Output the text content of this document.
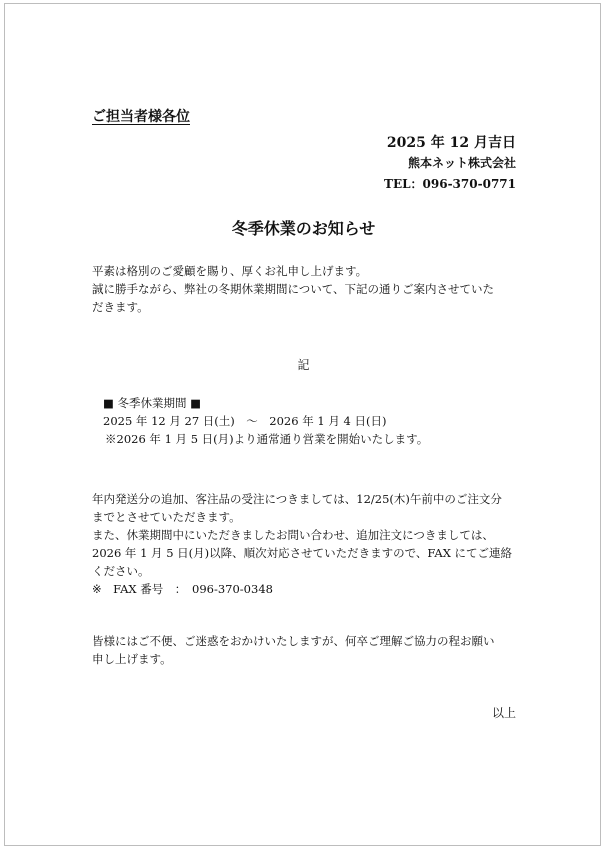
ご担当者様各位
2025 年 12 月吉日
熊本ネット株式会社
TEL：096-370-0771
冬季休業のお知らせ
平素は格別のご愛顧を賜り、厚くお礼申し上げます。
誠に勝手ながら、弊社の冬期休業期間について、下記の通りご案内させていた
だきます。
記
■ 冬季休業期間 ■
2025 年 12 月 27 日(土)　～　2026 年 1 月 4 日(日)
※2026 年 1 月 5 日(月)より通常通り営業を開始いたします。
年内発送分の追加、客注品の受注につきましては、12/25(木)午前中のご注文分
までとさせていただきます。
また、休業期間中にいただきましたお問い合わせ、追加注文につきましては、
2026 年 1 月 5 日(月)以降、順次対応させていただきますので、FAX にてご連絡
ください。
※　FAX 番号　：　096-370-0348
皆様にはご不便、ご迷惑をおかけいたしますが、何卒ご理解ご協力の程お願い
申し上げます。
以上
